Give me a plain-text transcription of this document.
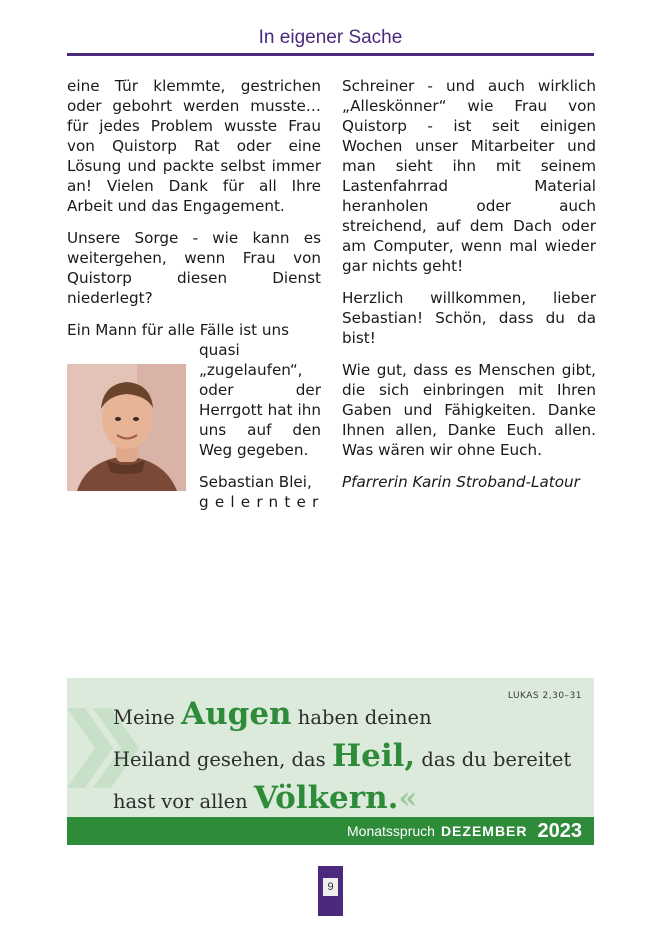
In eigener Sache

eine Tür klemmte, gestrichen oder gebohrt werden musste… für jedes Problem wusste Frau von Quistorp Rat oder eine Lösung und packte selbst immer an! Vielen Dank für all Ihre Arbeit und das Engagement.

Unsere Sorge - wie kann es weitergehen, wenn Frau von Quistorp diesen Dienst niederlegt?

Ein Mann für alle Fälle ist uns

quasi „zugelaufen“, oder der Herrgott hat ihn uns auf den Weg gegeben.

Sebastian Blei,

gelernter

Schreiner - und auch wirklich „Alleskönner“ wie Frau von Quistorp - ist seit einigen Wochen unser Mitarbeiter und man sieht ihn mit seinem Lastenfahrrad Material heranholen oder auch streichend, auf dem Dach oder am Computer, wenn mal wieder gar nichts geht!

Herzlich willkommen, lieber Sebastian! Schön, dass du da bist!

Wie gut, dass es Menschen gibt, die sich einbringen mit Ihren Gaben und Fähigkeiten. Danke Ihnen allen, Danke Euch allen. Was wären wir ohne Euch.

Pfarrerin Karin Stroband-Latour

LUKAS 2,30–31
Meine Augen haben deinen
Heiland gesehen, das Heil, das du bereitet
hast vor allen Völkern.«
Monatsspruch DEZEMBER 2023
9
